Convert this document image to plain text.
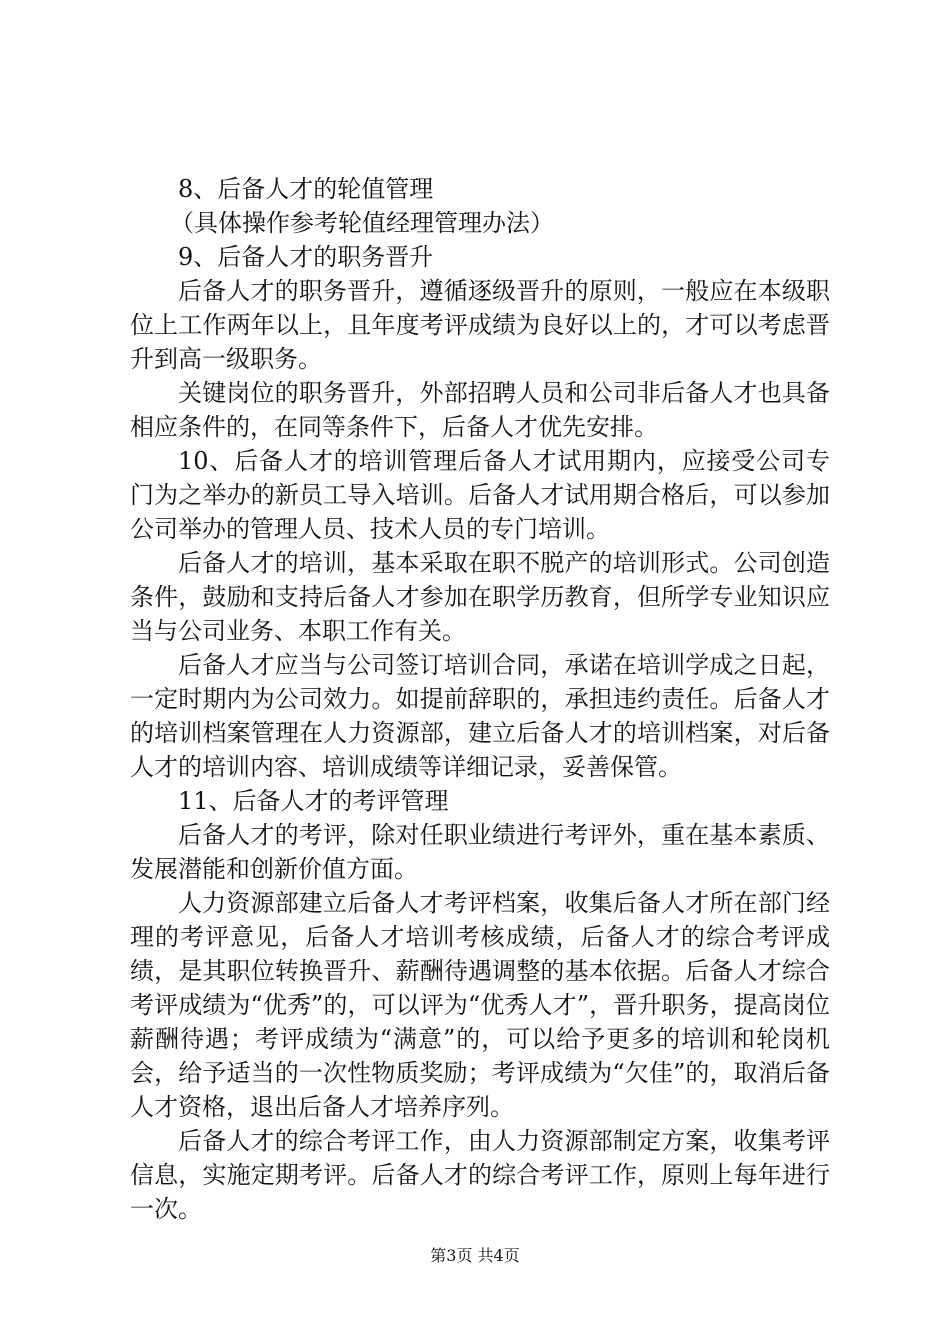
8、后备人才的轮值管理

（具体操作参考轮值经理管理办法）

9、后备人才的职务晋升

后备人才的职务晋升，遵循逐级晋升的原则，一般应在本级职位上工作两年以上，且年度考评成绩为良好以上的，才可以考虑晋升到高一级职务。

关键岗位的职务晋升，外部招聘人员和公司非后备人才也具备相应条件的，在同等条件下，后备人才优先安排。

10、后备人才的培训管理后备人才试用期内，应接受公司专门为之举办的新员工导入培训。后备人才试用期合格后，可以参加公司举办的管理人员、技术人员的专门培训。

后备人才的培训，基本采取在职不脱产的培训形式。公司创造条件，鼓励和支持后备人才参加在职学历教育，但所学专业知识应当与公司业务、本职工作有关。

后备人才应当与公司签订培训合同，承诺在培训学成之日起，一定时期内为公司效力。如提前辞职的，承担违约责任。后备人才的培训档案管理在人力资源部，建立后备人才的培训档案，对后备人才的培训内容、培训成绩等详细记录，妥善保管。

11、后备人才的考评管理

后备人才的考评，除对任职业绩进行考评外，重在基本素质、发展潜能和创新价值方面。

人力资源部建立后备人才考评档案，收集后备人才所在部门经理的考评意见，后备人才培训考核成绩，后备人才的综合考评成绩，是其职位转换晋升、薪酬待遇调整的基本依据。后备人才综合考评成绩为“优秀”的，可以评为“优秀人才”，晋升职务，提高岗位薪酬待遇；考评成绩为“满意”的，可以给予更多的培训和轮岗机会，给予适当的一次性物质奖励；考评成绩为“欠佳”的，取消后备人才资格，退出后备人才培养序列。

后备人才的综合考评工作，由人力资源部制定方案，收集考评信息，实施定期考评。后备人才的综合考评工作，原则上每年进行一次。

第3页 共4页
